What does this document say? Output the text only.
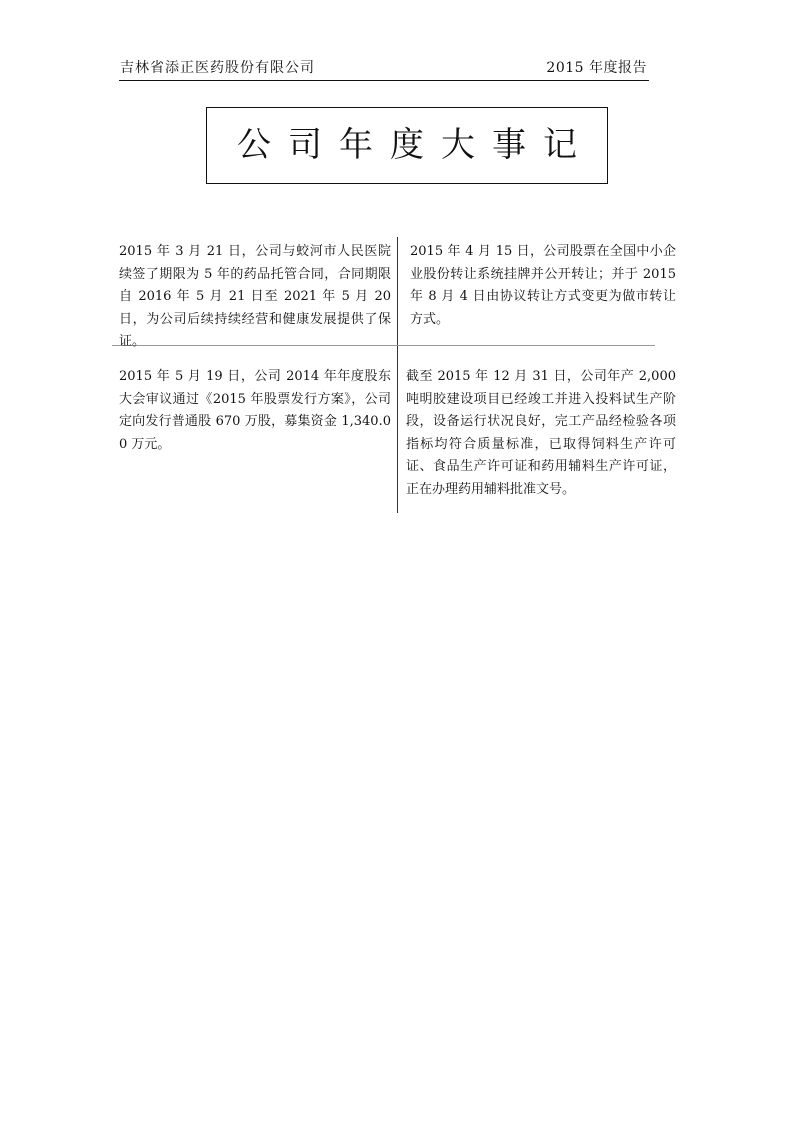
吉林省添正医药股份有限公司	2015 年度报告
公司年度大事记
2015 年 3 月 21 日，公司与蛟河市人民医院续签了期限为 5 年的药品托管合同，合同期限自 2016 年 5 月 21 日至 2021 年 5 月 20 日，为公司后续持续经营和健康发展提供了保证。
2015 年 4 月 15 日，公司股票在全国中小企业股份转让系统挂牌并公开转让；并于 2015 年 8 月 4 日由协议转让方式变更为做市转让方式。
2015 年 5 月 19 日，公司 2014 年年度股东大会审议通过《2015 年股票发行方案》，公司定向发行普通股 670 万股，募集资金 1,340.00 万元。
截至 2015 年 12 月 31 日，公司年产 2,000 吨明胶建设项目已经竣工并进入投料试生产阶段，设备运行状况良好，完工产品经检验各项指标均符合质量标准，已取得饲料生产许可证、食品生产许可证和药用辅料生产许可证，正在办理药用辅料批准文号。
